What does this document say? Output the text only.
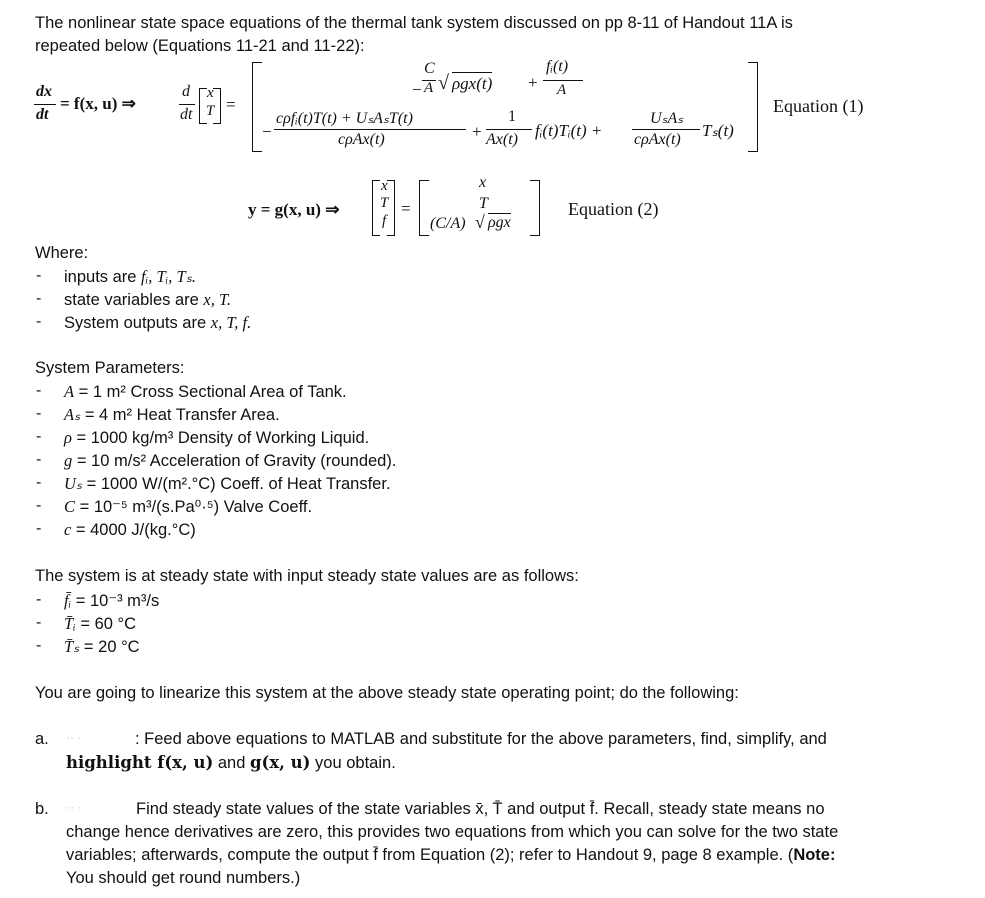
The nonlinear state space equations of the thermal tank system discussed on pp 8-11 of Handout 11A is
repeated below (Equations 11-21 and 11-22):
dx
dt
= f(x, u) ⇒
d
dt
x
T =
−
C
A √ ρgx(t) +
fᵢ(t)
A
−
cρfᵢ(t)T(t) + UₛAₛT(t)
cρAx(t)	+
1
Ax(t) fᵢ(t)Tᵢ(t) +
UₛAₛ
cρAx(t) Tₛ(t)
Equation (1)
y = g(x, u) ⇒
x
T
f
=
x
T
(C/A) √ ρgx
Equation (2)
Where:
- inputs are fᵢ, Tᵢ, Tₛ.
- state variables are x, T.
- System outputs are x, T, f.
System Parameters:
- A = 1 m² Cross Sectional Area of Tank.
- Aₛ = 4 m² Heat Transfer Area.
- ρ = 1000 kg/m³ Density of Working Liquid.
- g = 10 m/s² Acceleration of Gravity (rounded).
- Uₛ = 1000 W/(m².°C) Coeff. of Heat Transfer.
- C = 10⁻⁵ m³/(s.Pa⁰·⁵) Valve Coeff.
- c = 4000 J/(kg.°C)
The system is at steady state with input steady state values are as follows:
- f̄ᵢ = 10⁻³ m³/s
- T̄ᵢ = 60 °C
- T̄ₛ = 20 °C
You are going to linearize this system at the above steady state operating point; do the following:
a. ·· ·	: Feed above equations to MATLAB and substitute for the above parameters, find, simplify, and
highlight f(x, u) and g(x, u) you obtain.
b. ·· ·	Find steady state values of the state variables x̄, T̄ and output f̄. Recall, steady state means no
change hence derivatives are zero, this provides two equations from which you can solve for the two state
variables; afterwards, compute the output f̄ from Equation (2); refer to Handout 9, page 8 example. (Note:
You should get round numbers.)
